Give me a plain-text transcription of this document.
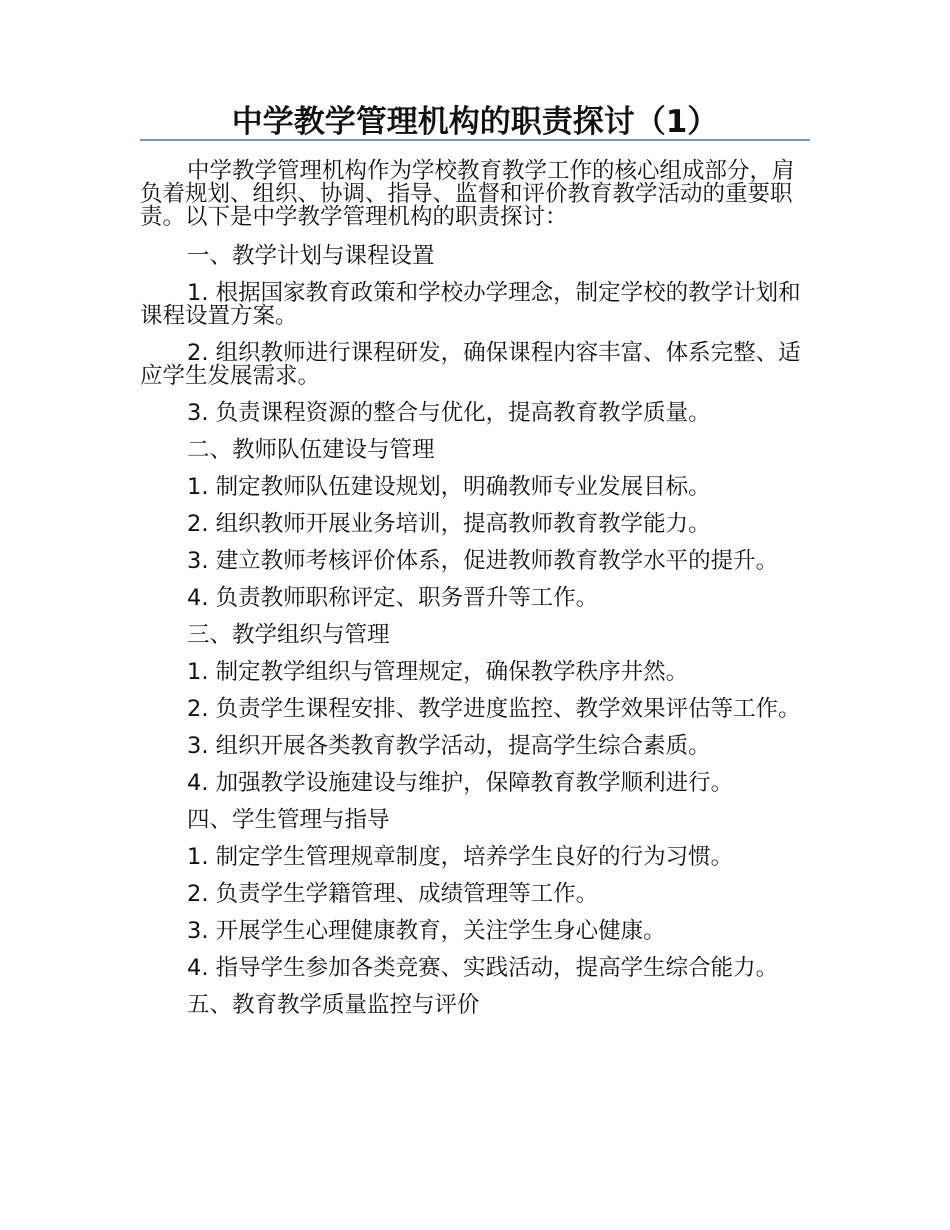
中学教学管理机构的职责探讨（1）

中学教学管理机构作为学校教育教学工作的核心组成部分，肩负着规划、组织、协调、指导、监督和评价教育教学活动的重要职责。以下是中学教学管理机构的职责探讨：

一、教学计划与课程设置

1. 根据国家教育政策和学校办学理念，制定学校的教学计划和课程设置方案。

2. 组织教师进行课程研发，确保课程内容丰富、体系完整、适应学生发展需求。

3. 负责课程资源的整合与优化，提高教育教学质量。

二、教师队伍建设与管理

1. 制定教师队伍建设规划，明确教师专业发展目标。

2. 组织教师开展业务培训，提高教师教育教学能力。

3. 建立教师考核评价体系，促进教师教育教学水平的提升。

4. 负责教师职称评定、职务晋升等工作。

三、教学组织与管理

1. 制定教学组织与管理规定，确保教学秩序井然。

2. 负责学生课程安排、教学进度监控、教学效果评估等工作。

3. 组织开展各类教育教学活动，提高学生综合素质。

4. 加强教学设施建设与维护，保障教育教学顺利进行。

四、学生管理与指导

1. 制定学生管理规章制度，培养学生良好的行为习惯。

2. 负责学生学籍管理、成绩管理等工作。

3. 开展学生心理健康教育，关注学生身心健康。

4. 指导学生参加各类竞赛、实践活动，提高学生综合能力。

五、教育教学质量监控与评价
